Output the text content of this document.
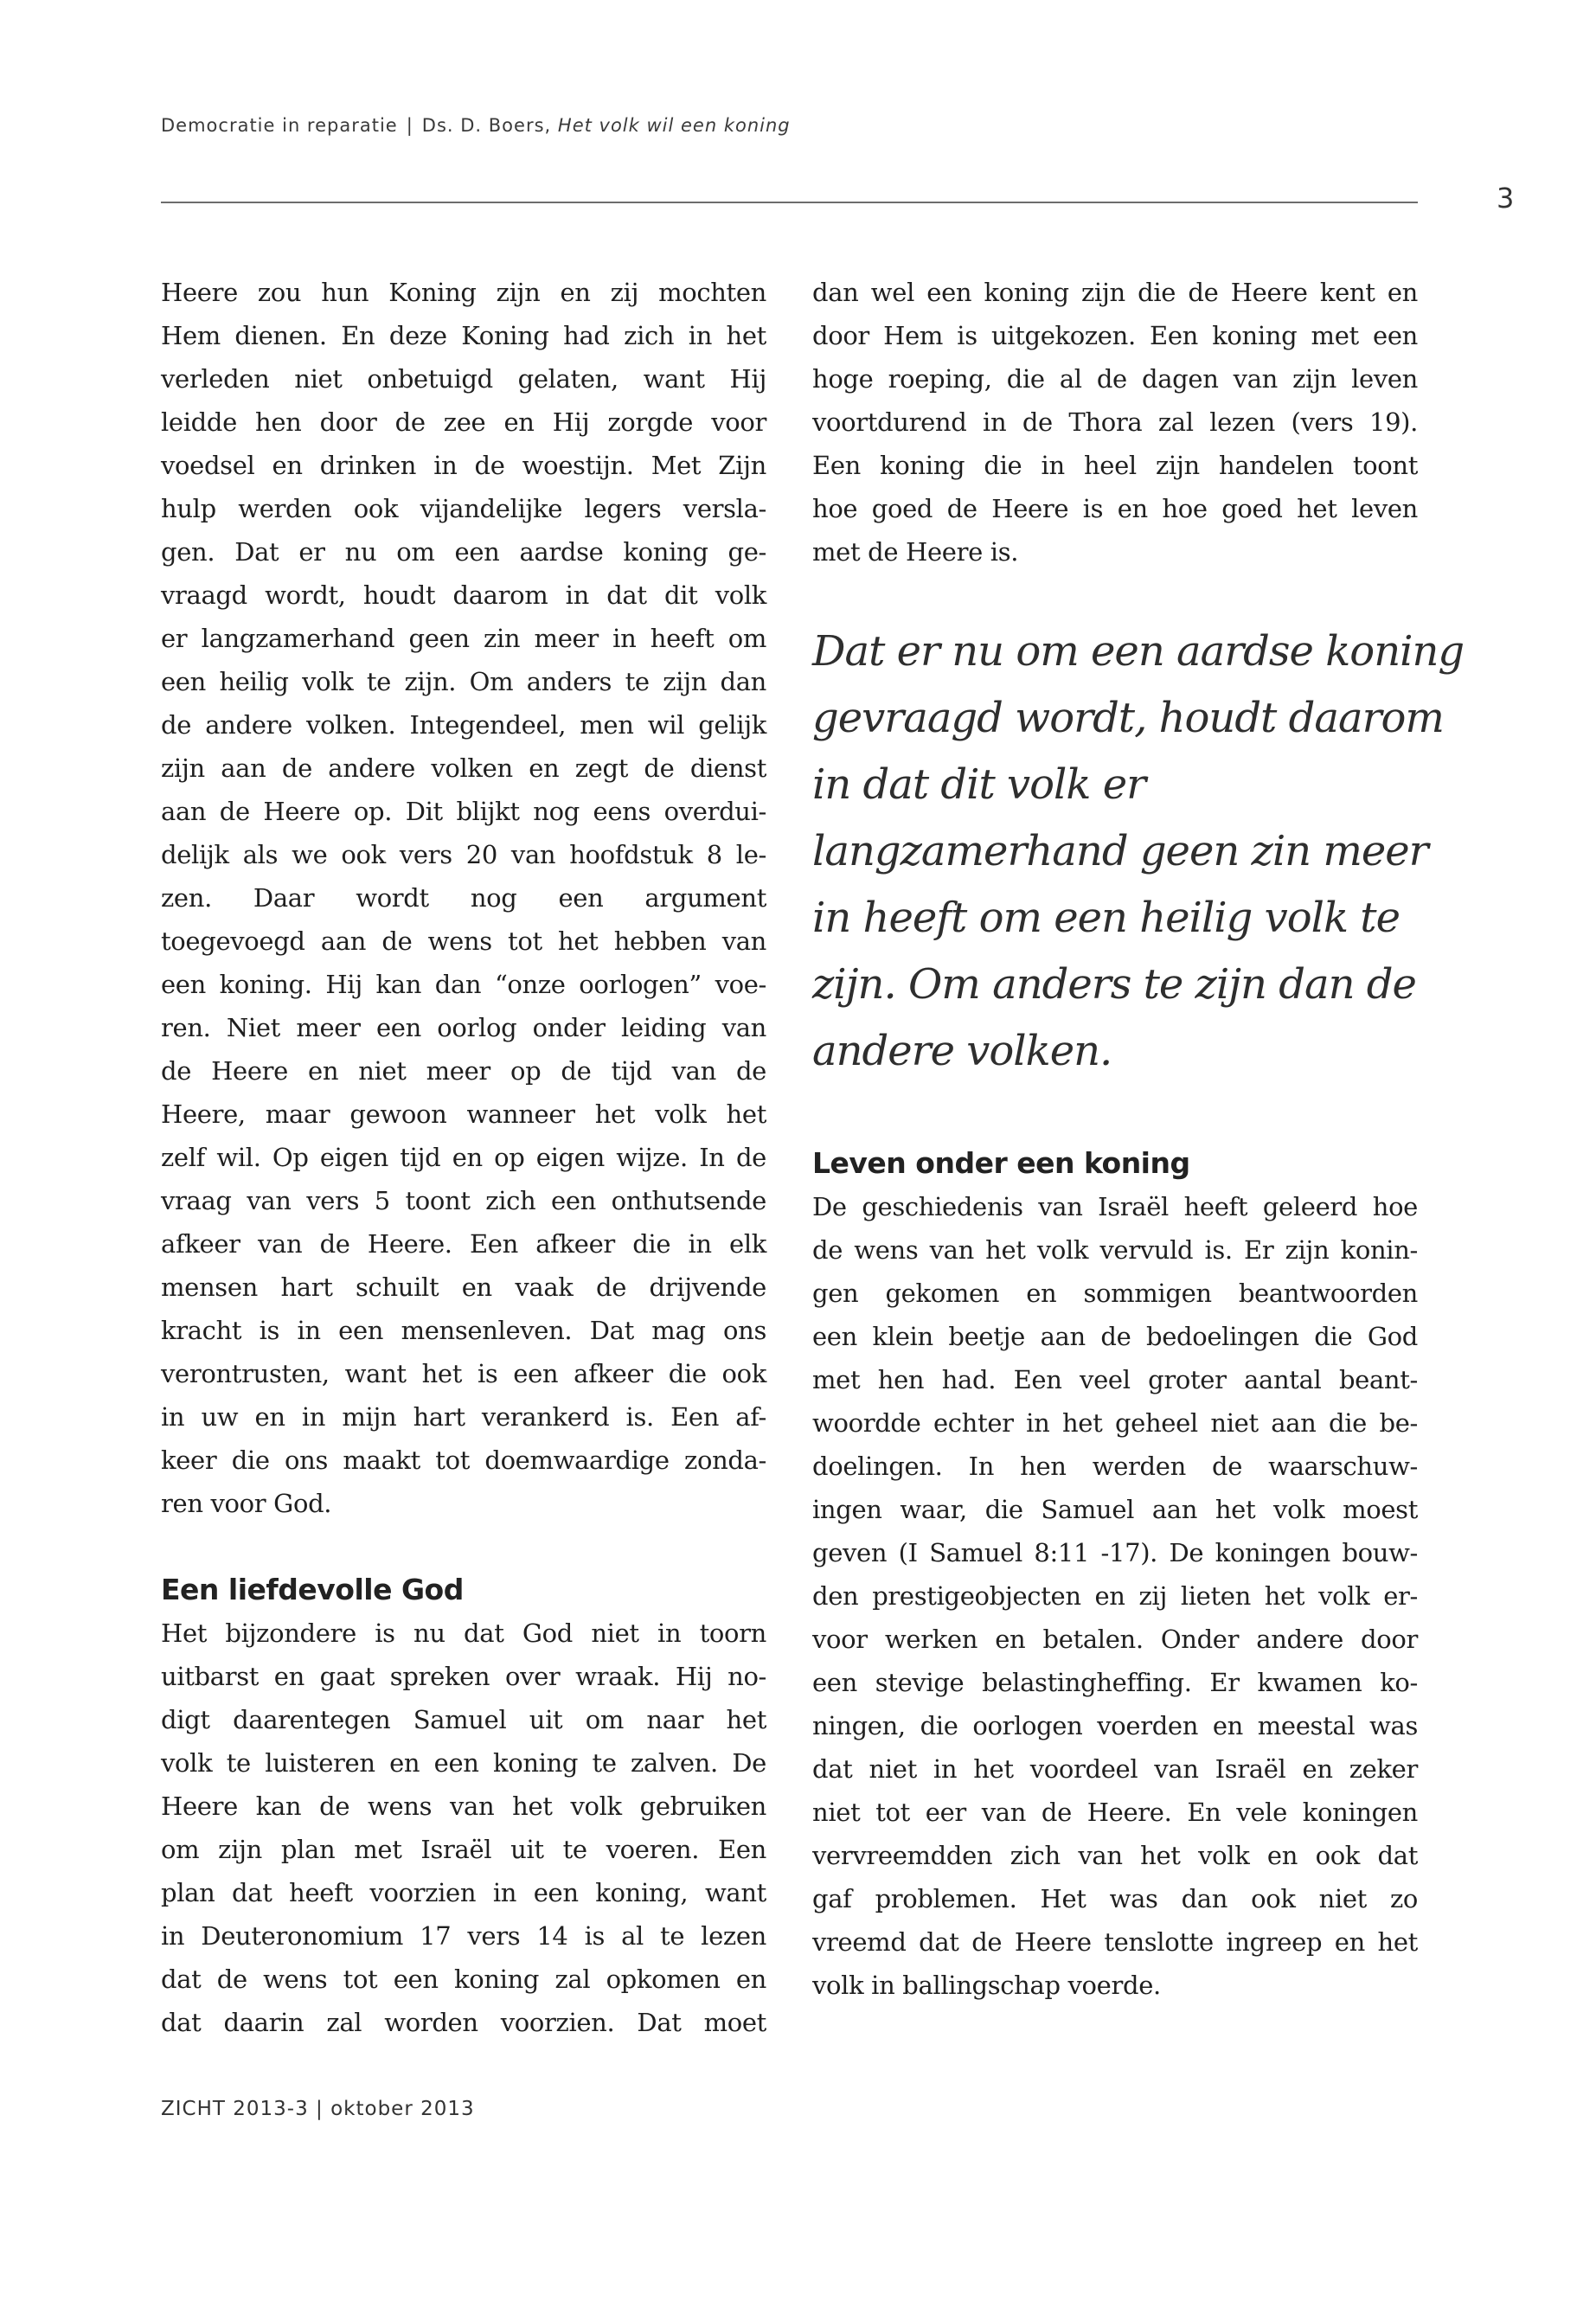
Democratie in reparatie | Ds. D. Boers, Het volk wil een koning
3
Heere zou hun Koning zijn en zij mochten
Hem dienen. En deze Koning had zich in het
verleden niet onbetuigd gelaten, want Hij
leidde hen door de zee en Hij zorgde voor
voedsel en drinken in de woestijn. Met Zijn
hulp werden ook vijandelijke legers versla-
gen. Dat er nu om een aardse koning ge-
vraagd wordt, houdt daarom in dat dit volk
er langzamerhand geen zin meer in heeft om
een heilig volk te zijn. Om anders te zijn dan
de andere volken. Integendeel, men wil gelijk
zijn aan de andere volken en zegt de dienst
aan de Heere op. Dit blijkt nog eens overdui-
delijk als we ook vers 20 van hoofdstuk 8 le-
zen. Daar wordt nog een argument
toegevoegd aan de wens tot het hebben van
een koning. Hij kan dan “onze oorlogen” voe-
ren. Niet meer een oorlog onder leiding van
de Heere en niet meer op de tijd van de
Heere, maar gewoon wanneer het volk het
zelf wil. Op eigen tijd en op eigen wijze. In de
vraag van vers 5 toont zich een onthutsende
afkeer van de Heere. Een afkeer die in elk
mensen hart schuilt en vaak de drijvende
kracht is in een mensenleven. Dat mag ons
verontrusten, want het is een afkeer die ook
in uw en in mijn hart verankerd is. Een af-
keer die ons maakt tot doemwaardige zonda-
ren voor God.
Een liefdevolle God
Het bijzondere is nu dat God niet in toorn
uitbarst en gaat spreken over wraak. Hij no-
digt daarentegen Samuel uit om naar het
volk te luisteren en een koning te zalven. De
Heere kan de wens van het volk gebruiken
om zijn plan met Israël uit te voeren. Een
plan dat heeft voorzien in een koning, want
in Deuteronomium 17 vers 14 is al te lezen
dat de wens tot een koning zal opkomen en
dat daarin zal worden voorzien. Dat moet
dan wel een koning zijn die de Heere kent en
door Hem is uitgekozen. Een koning met een
hoge roeping, die al de dagen van zijn leven
voortdurend in de Thora zal lezen (vers 19).
Een koning die in heel zijn handelen toont
hoe goed de Heere is en hoe goed het leven
met de Heere is.
Dat er nu om een aardse koning
gevraagd wordt, houdt daarom
in dat dit volk er
langzamerhand geen zin meer
in heeft om een heilig volk te
zijn. Om anders te zijn dan de
andere volken.
Leven onder een koning
De geschiedenis van Israël heeft geleerd hoe
de wens van het volk vervuld is. Er zijn konin-
gen gekomen en sommigen beantwoorden
een klein beetje aan de bedoelingen die God
met hen had. Een veel groter aantal beant-
woordde echter in het geheel niet aan die be-
doelingen. In hen werden de waarschuw-
ingen waar, die Samuel aan het volk moest
geven (I Samuel 8:11 -17). De koningen bouw-
den prestigeobjecten en zij lieten het volk er-
voor werken en betalen. Onder andere door
een stevige belastingheffing. Er kwamen ko-
ningen, die oorlogen voerden en meestal was
dat niet in het voordeel van Israël en zeker
niet tot eer van de Heere. En vele koningen
vervreemdden zich van het volk en ook dat
gaf problemen. Het was dan ook niet zo
vreemd dat de Heere tenslotte ingreep en het
volk in ballingschap voerde.
ZICHT 2013-3 | oktober 2013
